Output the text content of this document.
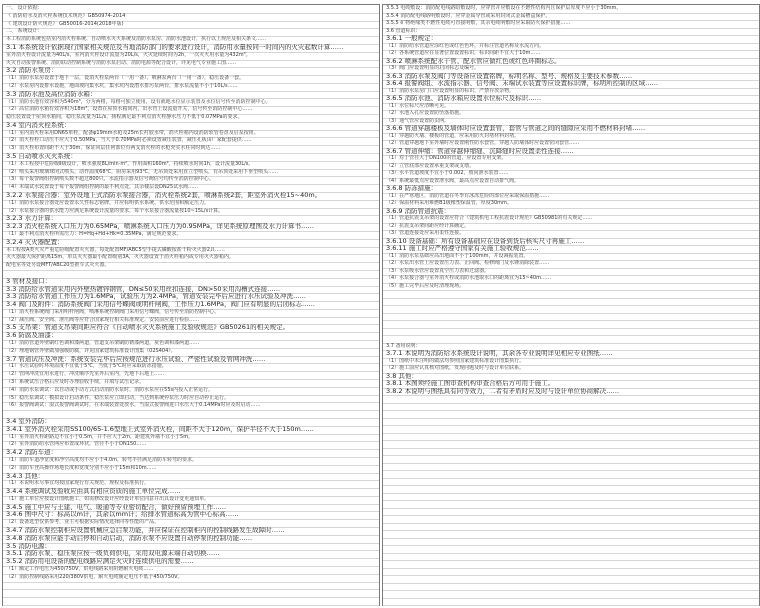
一、 设计依据：
《 消防给水及消火栓系统技术规范》GB50974-2014
《 建筑设计防火规范》 GB50016-2014(2018年版)
二、 系统设计：
本工程消防系统包括室内消火栓系统、自动喷水灭火系统及消防水泵房、消防水池设计，执行以上规范及相关条文……
3.1 本系统设计依据现行国家相关规范及当地消防部门的要求进行设计，消防用水量按同一时间内的火灾起数计算……
室外消火栓设计流量为40L/s，室内消火栓设计流量为20L/s，火灾延续时间为2h，一次灭火用水量为432m³。
火灾自动报警系统、消防联动控制系统与消防水泵启动、消防电源等配合设计，详见电气专业施工图……
3.2 消防水泵房：
（1）消防水泵房设置于地下一层，设消火栓泵两台（一用一备）、喷淋泵两台（一用一备），稳压设备一套。
（2）水泵房内设排水设施，地面坡向集水坑，集水坑内设潜水排污泵两台，排水泵流量不小于10L/s……
3.3 消防水池及高位消防水箱：
（1）消防水池有效容积为540m³，分为两格，每格可独立使用，设有就地水位显示装置及水位信号传至消防控制中心。
（2）高位消防水箱有效容积为18m³，设置在屋顶水箱间内，出水管上设流量开关，信号传至消防控制中心……
稳压装置设于屋顶水箱间，稳压泵流量为1L/s，扬程满足最不利点消火栓静水压力不低于0.07MPa的要求。
3.4 室内消火栓系统：
（1）室内消火栓采用DN65单栓，配备φ19mm水枪及25m长衬胶水带，消火栓箱内设消防软管卷盘及启泵按钮。
（2）消火栓栓口动压不应大于0.50MPa，当大于0.70MPa时必须设置减压装置，减压孔板由厂家配套提供……
（3）消火栓布置间距不大于30m，保证同层任何部位有两支消火栓的水枪充实水柱同时到达……
3.5 自动喷水灭火系统：
（1）本工程按中危险级Ⅱ级设计，喷水强度8L/min·m²，作用面积160m²，持续喷水时间1h，设计流量30L/s。
（2）喷头采用玻璃球闭式喷头，动作温度68℃，厨房采用93℃，无吊顶处采用直立型喷头，有吊顶处采用下垂型喷头……
（3）每个报警阀组控制喷头数不超过800只，水流指示器及信号阀信号均传至消防控制中心。
（4）末端试水装置设于每个报警阀组控制的最不利点处，其余楼层设DN25试水阀……
3.2.2 水泵接合器：室外设地上式消防水泵接合器，消火栓系统2套，喷淋系统2套，距室外消火栓15~40m。
（1）消防水泵接合器处应设置永久性标志铭牌，并应标明供水系统、供水范围和额定压力。
（2）水泵接合器的供水能力应满足系统设计流量的要求，每个水泵接合器流量按10~15L/s计算。
3.2.3 水力计算：
3.2.3 消火栓系统入口压力为0.65MPa，喷淋系统入口压力为0.95MPa，详见系统原理图及水力计算书……
（1）最不利点消火栓所需压力：H=Hq+Hd+Hk=0.35MPa，满足规范要求。
3.2.4 灭火器配置：
本工程按A类火灾严重危险级配置灭火器，每处配置MF/ABC5型手提式磷酸铵盐干粉灭火器2具……
灭火器最大保护距离15m，单具灭火器最小配置级别3A，灭火器设置于消火栓箱内或专用灭火器箱内。
配电室等处另设MFT/ABC20型推车式灭火器。
3 管材及接口：
3.3 消防给水管道采用内外壁热镀锌钢管，DN≤50采用丝扣连接，DN>50采用沟槽式连接……
3.3 消防给水管道工作压力为1.6MPa，试验压力为2.4MPa，管道安装完毕后应进行水压试验及冲洗……
3.4 阀门及附件：消防系统阀门采用信号蝶阀或明杆闸阀，工作压力1.6MPa，阀门应有明显的启闭标志……
（1）消火栓系统阀门采用明杆闸阀，喷淋系统控制阀门采用信号蝶阀，信号传至消防控制中心。
（2）减压阀、安全阀、泄压阀等应符合国家现行相关标准规定，安装前应进行检验……
3.5 支吊架：管道支吊架间距应符合《自动喷水灭火系统施工及验收规范》GB50261的相关规定。
3.6 防腐及油漆：
（1）消防管道外壁刷红色调和漆两道，管道支吊架刷防锈漆两道，灰色调和漆两道……
（2）埋地钢管外壁做加强级防腐，详见国家建筑标准设计图集《02S404》。
3.7 管道试压及冲洗：系统安装完毕后应按规范进行水压试验、严密性试验及管网冲洗……
（1）水压试验时环境温度不宜低于5℃，当低于5℃时应采取防冻措施。
（2）管网冲洗宜用水进行，冲洗顺序先室外后室内，先地下后地上……
（3）系统试压合格后应及时办理验收手续，并填写试压记录。
（4）消防水泵调试：以自动或手动方式启动消防水泵时，消防水泵应在55s内投入正常运行。
（5）稳压泵调试：模拟设计启动条件，稳压泵应立即启动，当达到系统停泵压力时应自动停止运行。
（6）报警阀调试：湿式报警阀调试时，在末端装置处放水，当湿式报警阀进口水压大于0.14MPa时应及时启动……
3.4 室外消防：
3.4.1 室外消火栓采用SS100/65-1.6型地上式室外消火栓，间距不大于120m，保护半径不大于150m……
（1）室外消火栓距路边不宜小于0.5m，并不应大于2m，距建筑外墙不宜小于5m。
（2）室外消防给水管网应布置成环状，管径不小于DN150……
3.4.2 消防车道：
（1）消防车道净宽度和净空高度均不应小于4.0m，转弯半径满足消防车转弯的要求。
（2）消防车登高操作场地长度和宽度分别不应小于15m和10m……
3.4.3 其他：
（1）本说明未尽事宜均按国家现行有关规范、规程及标准执行。
3.4.4 系统调试及验收应由具有相应资质的施工单位完成……
（1）施工单位应按设计图纸施工，如需修改设计应经设计单位同意并出具设计变更通知单。
3.4.5 施工中应与土建、电气、暖通等专业密切配合，做好预留预埋工作……
3.4.6 图中尺寸：标高以m计，其余以mm计；给排水管道标高为管中心标高……
（2）设备选型仅供参考，业主可根据实际情况选择同等性能的产品。
3.4.7 消防水泵控制柜应设置机械应急启泵功能，并应保证在控制柜内的控制线路发生故障时……
3.4.8 消防水泵应能手动启停和自动启动，消防水泵不应设置自动停泵的控制功能……
3.5 消防电源：
3.5.1 消防水泵、稳压泵应按一级负荷供电，采用双电源末端自动切换……
3.5.2 消防用电设备的配电线路应满足火灾时连续供电的需要……
（1）额定工作电压为450/750V，供电线路采用阻燃耐火电缆……
（2）消防控制线路采用220/380V供电，耐火电缆额定电压不低于450/750V。
3.5.3 电缆敷设：消防配电线路暗敷设时，应穿管并应敷设在不燃性结构内且保护层厚度不应小于30mm。
3.5.4 消防配电线路明敷设时，应穿金属导管或采用封闭式金属槽盒保护。
3.5.5 矿物绝缘类不燃性电缆可直接明敷，其余电缆明敷时应采取防火保护措施……
3.6 管道标识：
3.6.1 一般规定：
（1）消防给水管道应涂红色或红色色环，并标注管道名称及水流方向。
（2）各系统管道应在显著位置设置标识，标识间距不宜大于10m……
3.6.2 喷淋系统配水干管、配水管应做红色或红色环圈标志。
（3）阀门应设置明显的启闭标志及编号。
3.6.3 消防水泵及阀门等设备应设置铭牌，标明名称、型号、规格及主要技术参数……
3.6.4 报警阀组、水流指示器、信号阀、末端试水装置等应设置标识牌，标明所控制的区域……
（1）消防水泵房门口应设置明显的标识，严禁存放杂物。
3.6.5 消防水池、消防水箱应设置水位标尺及标识……
（1）水位标尺应清晰可见。
（2）水池入孔应设置防坠落措施。
（3）通气管应设置防虫网。
3.6.6 管道穿越楼板及墙体时应设置套管，套管与管道之间的缝隙应采用不燃材料封堵……
（1）穿越防火墙、楼板的管道，应采用防火封堵材料封堵。
（2）管道穿越地下室外墙时应设置刚性防水套管，穿越人防墙体时应设置密闭套管……
3.6.7 管道伸缩：管道穿越伸缩缝、沉降缝时应设置柔性连接……
（1）对于管径大于DN100的管道，应设置专用支架。
（2）立管底部应设置承重支架或支墩。
（3）水平管道坡度不宜小于0.002，坡向泄水装置……
（4）系统最低点应设置泄水阀，最高点应设置自动排气阀。
3.6.8 防冻措施：
（1）在严寒地区，消防管道在冬季有冰冻危险的部位应采取保温措施……
（2）保温材料采用难燃B1级橡塑保温管，厚度30mm。
3.6.9 消防管道抗震：
（1）管道抗震支吊架的设置应符合《建筑机电工程抗震设计规范》GB50981的有关规定……
（2）抗震支吊架间距应经计算确定。
（3）管道连接处应采用柔性连接。
3.6.10 设备基础：所有设备基础应在设备到货后核实尺寸再施工……
3.6.11 施工时应严格遵守国家有关施工验收规范……
（1）消防水泵基础应高出地面不小于100mm，并设减振装置。
（2）水泵出水管上应设置压力表、止回阀、检修阀门及水锤消除装置……
（3）水泵吸水管应设置真空压力表和过滤器。
（4）水泵接合器与室外消火栓或消防水池取水口的距离宜为15~40m……
（5）施工完毕后应及时清理现场。
3.7 备用说明：
3.7.1 本说明为消防给水系统设计说明，其余各专业说明详见相应专业图纸……
（1）图纸中未注明的做法均参照国家建筑标准设计图集执行。
（2）施工前应认真核对图纸，发现问题及时与设计单位联系。
3.8 其他：
3.8.1 本图须经施工图审查机构审查合格后方可用于施工。
3.8.2 本说明与图纸具有同等效力，二者有矛盾时应及时与设计单位协商解决……
